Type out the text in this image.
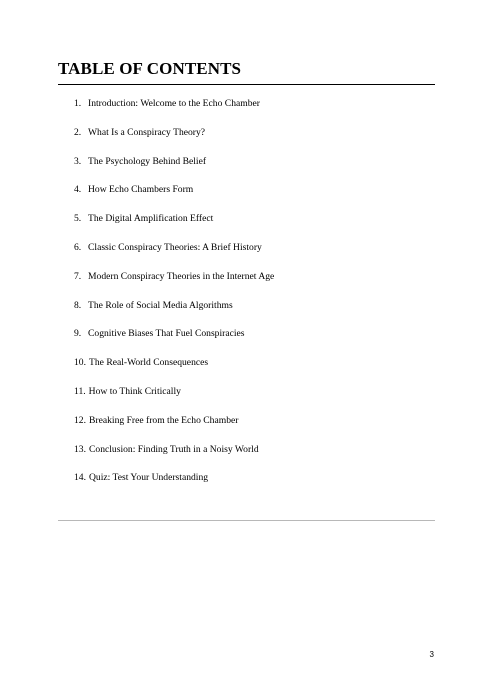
TABLE OF CONTENTS
1. Introduction: Welcome to the Echo Chamber
2. What Is a Conspiracy Theory?
3. The Psychology Behind Belief
4. How Echo Chambers Form
5. The Digital Amplification Effect
6. Classic Conspiracy Theories: A Brief History
7. Modern Conspiracy Theories in the Internet Age
8. The Role of Social Media Algorithms
9. Cognitive Biases That Fuel Conspiracies
10. The Real-World Consequences
11. How to Think Critically
12. Breaking Free from the Echo Chamber
13. Conclusion: Finding Truth in a Noisy World
14. Quiz: Test Your Understanding
3
